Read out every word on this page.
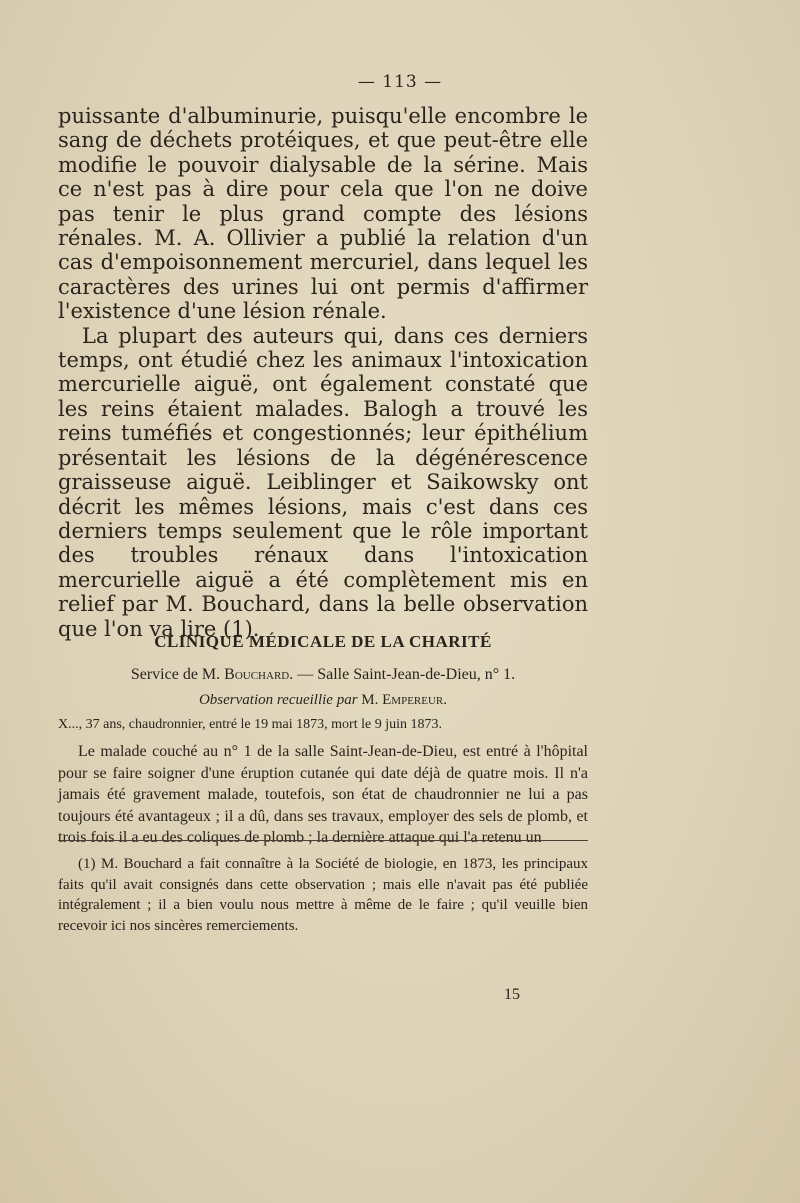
— 113 —

puissante d'albuminurie, puisqu'elle encombre le sang de déchets protéiques, et que peut-être elle modifie le pouvoir dialysable de la sérine. Mais ce n'est pas à dire pour cela que l'on ne doive pas tenir le plus grand compte des lésions rénales. M. A. Ollivier a publié la relation d'un cas d'empoisonnement mercuriel, dans lequel les caractères des urines lui ont permis d'affirmer l'existence d'une lésion rénale.

La plupart des auteurs qui, dans ces derniers temps, ont étudié chez les animaux l'intoxication mercurielle aiguë, ont également constaté que les reins étaient malades. Balogh a trouvé les reins tuméfiés et congestionnés; leur épithélium présentait les lésions de la dégénérescence graisseuse aiguë. Leiblinger et Saikowsky ont décrit les mêmes lésions, mais c'est dans ces derniers temps seulement que le rôle important des troubles rénaux dans l'intoxication mercurielle aiguë a été complètement mis en relief par M. Bouchard, dans la belle observation que l'on va lire (1).

CLINIQUE MÉDICALE DE LA CHARITÉ
Service de M. Bouchard. — Salle Saint-Jean-de-Dieu, n° 1.
Observation recueillie par M. Empereur.
X..., 37 ans, chaudronnier, entré le 19 mai 1873, mort le 9 juin 1873.

Le malade couché au n° 1 de la salle Saint-Jean-de-Dieu, est entré à l'hôpital pour se faire soigner d'une éruption cutanée qui date déjà de quatre mois. Il n'a jamais été gravement malade, toutefois, son état de chaudronnier ne lui a pas toujours été avantageux ; il a dû, dans ses travaux, employer des sels de plomb, et trois fois il a eu des coliques de plomb ; la dernière attaque qui l'a retenu un

(1) M. Bouchard a fait connaître à la Société de biologie, en 1873, les principaux faits qu'il avait consignés dans cette observation ; mais elle n'avait pas été publiée intégralement ; il a bien voulu nous mettre à même de le faire ; qu'il veuille bien recevoir ici nos sincères remerciements.

15
